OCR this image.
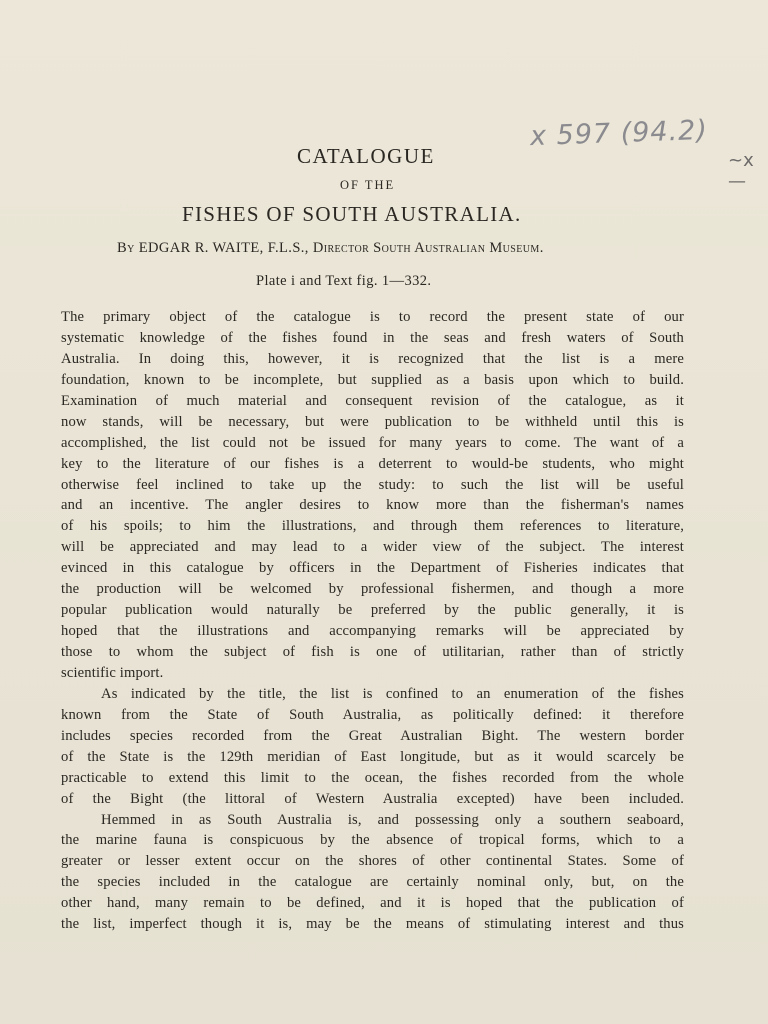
CATALOGUE
x 597 (94.2)
~x—
OF THE
FISHES OF SOUTH AUSTRALIA.
By EDGAR R. WAITE, F.L.S., Director South Australian Museum.
Plate i and Text fig. 1—332.
The primary object of the catalogue is to record the present state of our
systematic knowledge of the fishes found in the seas and fresh waters of South
Australia. In doing this, however, it is recognized that the list is a mere
foundation, known to be incomplete, but supplied as a basis upon which to build.
Examination of much material and consequent revision of the catalogue, as it
now stands, will be necessary, but were publication to be withheld until this is
accomplished, the list could not be issued for many years to come. The want of a
key to the literature of our fishes is a deterrent to would-be students, who might
otherwise feel inclined to take up the study: to such the list will be useful
and an incentive. The angler desires to know more than the fisherman's names
of his spoils; to him the illustrations, and through them references to literature,
will be appreciated and may lead to a wider view of the subject. The interest
evinced in this catalogue by officers in the Department of Fisheries indicates that
the production will be welcomed by professional fishermen, and though a more
popular publication would naturally be preferred by the public generally, it is
hoped that the illustrations and accompanying remarks will be appreciated by
those to whom the subject of fish is one of utilitarian, rather than of strictly
scientific import.
As indicated by the title, the list is confined to an enumeration of the fishes
known from the State of South Australia, as politically defined: it therefore
includes species recorded from the Great Australian Bight. The western border
of the State is the 129th meridian of East longitude, but as it would scarcely be
practicable to extend this limit to the ocean, the fishes recorded from the whole
of the Bight (the littoral of Western Australia excepted) have been included.
Hemmed in as South Australia is, and possessing only a southern seaboard,
the marine fauna is conspicuous by the absence of tropical forms, which to a
greater or lesser extent occur on the shores of other continental States. Some of
the species included in the catalogue are certainly nominal only, but, on the
other hand, many remain to be defined, and it is hoped that the publication of
the list, imperfect though it is, may be the means of stimulating interest and thus
